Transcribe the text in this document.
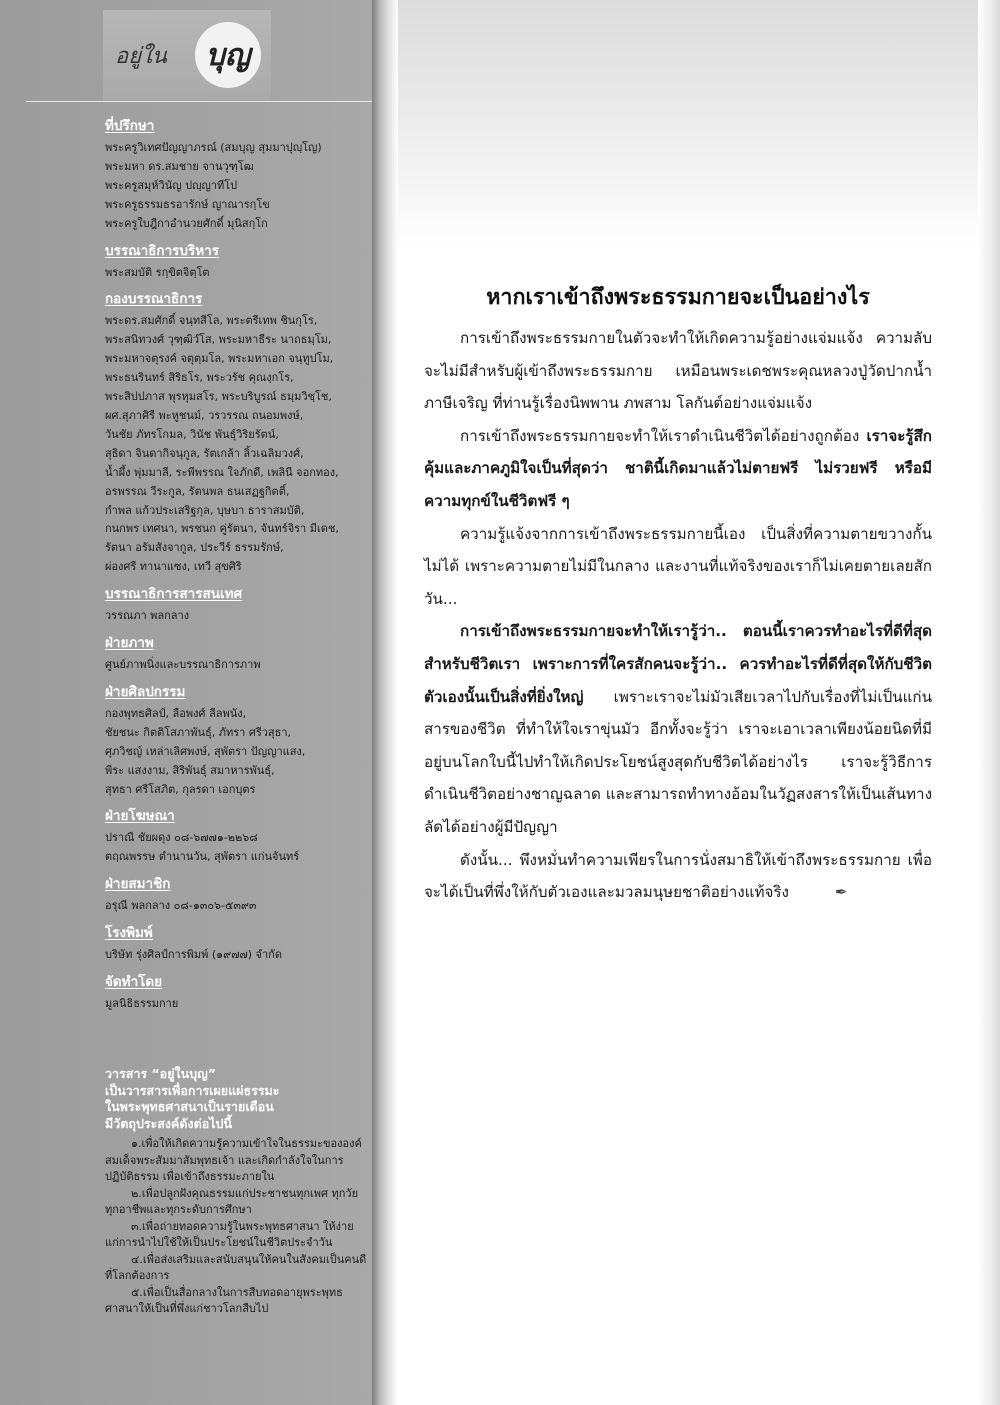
อยู่ใน บุญ
ที่ปรึกษา
พระครูวิเทศปัญญาภรณ์ (สมบุญ สุมมาปุญฺโญ)
พระมหา ดร.สมชาย จานวุฑฺโฒ
พระครูสมุห์วินัญ ปญฺญาทีโป
พระครูธรรมธรอารักษ์ ญาณารกฺโข
พระครูใบฎีกาอำนวยศักดิ์ มุนิสกฺโก
บรรณาธิการบริหาร
พระสมบัติ รกฺขิตจิตฺโต
กองบรรณาธิการ
พระดร.สมศักดิ์ จนฺทสีโล, พระตรีเทพ ชินกุโร,
พระสนิทวงศ์ วุฑฺฒิวํโส, พระมหาธีระ นาถธมฺโม,
พระมหาจตุรงค์ จตุตฺมโล, พระมหาเอก จนฺทูปโม,
พระธนรินทร์ สิริธโร, พระวรัช คุณงฺกโร,
พระสิปปภาส พุรหุมสโร, พระบริบูรณ์ ธมฺมวิชฺโช,
ผศ.สุภาศิรี พะหูชนม์, วรวรรณ ถนอมพงษ์,
วันชัย ภัทรโกมล, วินัช พันธุ์วิริยรัตน์,
สุธิดา จินดากิจนุกูล, รัตเกล้า ลิ้วเฉลิมวงศ์,
น้ำผึ้ง พุ่มมาลี, ระพีพรรณ ใจภักดี, เพลินี จอกทอง,
อรพรรณ วีระกูล, รัตนพล ธนเสฏฐกิตติ์,
กำพล แก้วประเสริฐกุล, บุษบา ธาราสมบัติ,
กนกพร เทศนา, พรชนก คู่รัตนา, จันทร์จิรา มีเดช,
รัตนา อรัมสังจากูล, ประวีร์ ธรรมรักษ์,
ผ่องศรี ทานาแซง, เทวี สุขศิริ
บรรณาธิการสารสนเทศ
วรรณภา พลกลาง
ฝ่ายภาพ
ศูนย์ภาพนิ่งและบรรณาธิการภาพ
ฝ่ายศิลปกรรม
กองพุทธศิลป์, ลือพงศ์ ลีลพนัง,
ชัยชนะ กิตติโสภาพันธุ์, ภัทรา ศรีวสุธา,
ศุภวิชญ์ เหล่าเลิศพงษ์, สุพัตรา ปัญญาแสง,
พีระ แสงงาม, สิริพันธุ์ สมาหารพันธุ์,
สุทธา ศรีโสภิต, กุลรดา เอกบุตร
ฝ่ายโฆษณา
ปราณี ชัยผดุง ๐๘-๖๗๗๑-๒๒๖๘
ตฤณพรรษ ตำนานวัน, สุพัตรา แก่นจันทร์
ฝ่ายสมาชิก
อรุณี พลกลาง ๐๘-๑๓๐๖-๕๓๙๓
โรงพิมพ์
บริษัท รุ่งศิลป์การพิมพ์ (๑๙๗๗) จำกัด
จัดทำโดย
มูลนิธิธรรมกาย
วารสาร “อยู่ในบุญ”
เป็นวารสารเพื่อการเผยแผ่ธรรมะ
ในพระพุทธศาสนาเป็นรายเดือน
มีวัตถุประสงค์ดังต่อไปนี้
๑.เพื่อให้เกิดความรู้ความเข้าใจในธรรมะขององค์สมเด็จพระสัมมาสัมพุทธเจ้า และเกิดกำลังใจในการปฏิบัติธรรม เพื่อเข้าถึงธรรมะภายใน
๒.เพื่อปลูกฝังคุณธรรมแก่ประชาชนทุกเพศ ทุกวัย ทุกอาชีพและทุกระดับการศึกษา
๓.เพื่อถ่ายทอดความรู้ในพระพุทธศาสนา ให้ง่ายแก่การนำไปใช้ให้เป็นประโยชน์ในชีวิตประจำวัน
๔.เพื่อส่งเสริมและสนับสนุนให้คนในสังคมเป็นคนดีที่โลกต้องการ
๕.เพื่อเป็นสื่อกลางในการสืบทอดอายุพระพุทธศาสนาให้เป็นที่พึ่งแก่ชาวโลกสืบไป
หากเราเข้าถึงพระธรรมกายจะเป็นอย่างไร

การเข้าถึงพระธรรมกายในตัวจะทำให้เกิดความรู้อย่างแจ่มแจ้ง ความลับจะไม่มีสำหรับผู้เข้าถึงพระธรรมกาย เหมือนพระเดชพระคุณหลวงปู่วัดปากน้ำ ภาษีเจริญ ที่ท่านรู้เรื่องนิพพาน ภพสาม โลกันต์อย่างแจ่มแจ้ง

การเข้าถึงพระธรรมกายจะทำให้เราดำเนินชีวิตได้อย่างถูกต้อง เราจะรู้สึกคุ้มและภาคภูมิใจเป็นที่สุดว่า ชาตินี้เกิดมาแล้วไม่ตายฟรี ไม่รวยฟรี หรือมีความทุกข์ในชีวิตฟรี ๆ

ความรู้แจ้งจากการเข้าถึงพระธรรมกายนี้เอง เป็นสิ่งที่ความตายขวางกั้นไม่ได้ เพราะความตายไม่มีในกลาง และงานที่แท้จริงของเราก็ไม่เคยตายเลยสักวัน...

การเข้าถึงพระธรรมกายจะทำให้เรารู้ว่า.. ตอนนี้เราควรทำอะไรที่ดีที่สุดสำหรับชีวิตเรา เพราะการที่ใครสักคนจะรู้ว่า.. ควรทำอะไรที่ดีที่สุดให้กับชีวิตตัวเองนั้นเป็นสิ่งที่ยิ่งใหญ่ เพราะเราจะไม่มัวเสียเวลาไปกับเรื่องที่ไม่เป็นแก่นสารของชีวิต ที่ทำให้ใจเราขุ่นมัว อีกทั้งจะรู้ว่า เราจะเอาเวลาเพียงน้อยนิดที่มีอยู่บนโลกใบนี้ไปทำให้เกิดประโยชน์สูงสุดกับชีวิตได้อย่างไร เราจะรู้วิธีการดำเนินชีวิตอย่างชาญฉลาด และสามารถทำทางอ้อมในวัฏสงสารให้เป็นเส้นทางลัดได้อย่างผู้มีปัญญา

ดังนั้น... พึงหมั่นทำความเพียรในการนั่งสมาธิให้เข้าถึงพระธรรมกาย เพื่อจะได้เป็นที่พึ่งให้กับตัวเองและมวลมนุษยชาติอย่างแท้จริง	✒
